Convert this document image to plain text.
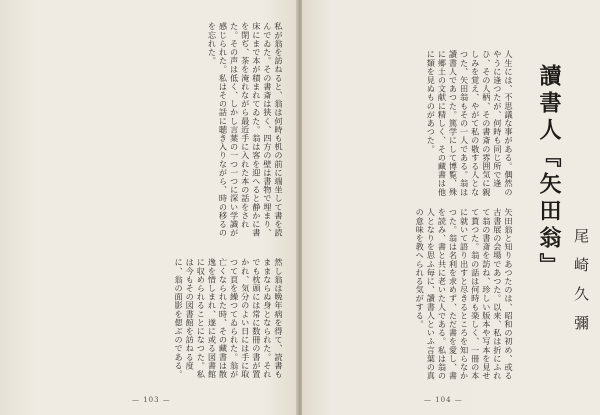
私が翁を訪ねると、翁は何時も机の前に端坐して書を読んでゐた。その書斎は狭く、四方の壁は書物で埋まり、床にまで本が積まれてゐた。翁は客を迎へると静かに書を閉ぢ、茶を淹れながら最近手に入れた本の話をされた。その声は低く、しかし言葉の一つ一つに深い学識が感じられた。私はその話に聴き入りながら、時の移るのを忘れた。
然し翁は晩年病を得て、読書もままならぬ身となられた。それでも枕頭には常に数冊の書が置かれ、気分のよい日には手に取つて頁を繰つてゐられた。翁が亡くなられた時、その藏書は散逸を惜しまれ、遂に或る図書館に収められることになつた。私は今もその図書館を訪ねる度に、翁の面影を偲ぶのである。
— 103 —
讀書人『矢田翁』
尾崎久彌
人生には、不思議な事がある。偶然のやうに逢つたが、何時も同じ所で逢ひ、その人柄、その書斎の雰囲気に親しみを覚え、やがて私の敬する人となつた、矢田翁もその一人である。翁は讀書人であつた。篤学にして博覧、殊に郷土の文献に精しく、その藏書は他に類を見ぬものがあつた。
矢田翁と知りあつたのは、昭和の初め、或る古書展の会場であつた。以来、私は折にふれて翁の書斎を訪ね、珍しい版本や写本を見せて貰つた。翁の話は何時も楽しく、一冊の本に就いて語り出すと尽きるところを知らなかつた。翁は名利を求めず、ただ書を愛し、書を読み、書と共に老いた人である。私は翁の人となりを思ふ毎に、讀書人といふ言葉の真の意味を教へられる気がする。
— 104 —
